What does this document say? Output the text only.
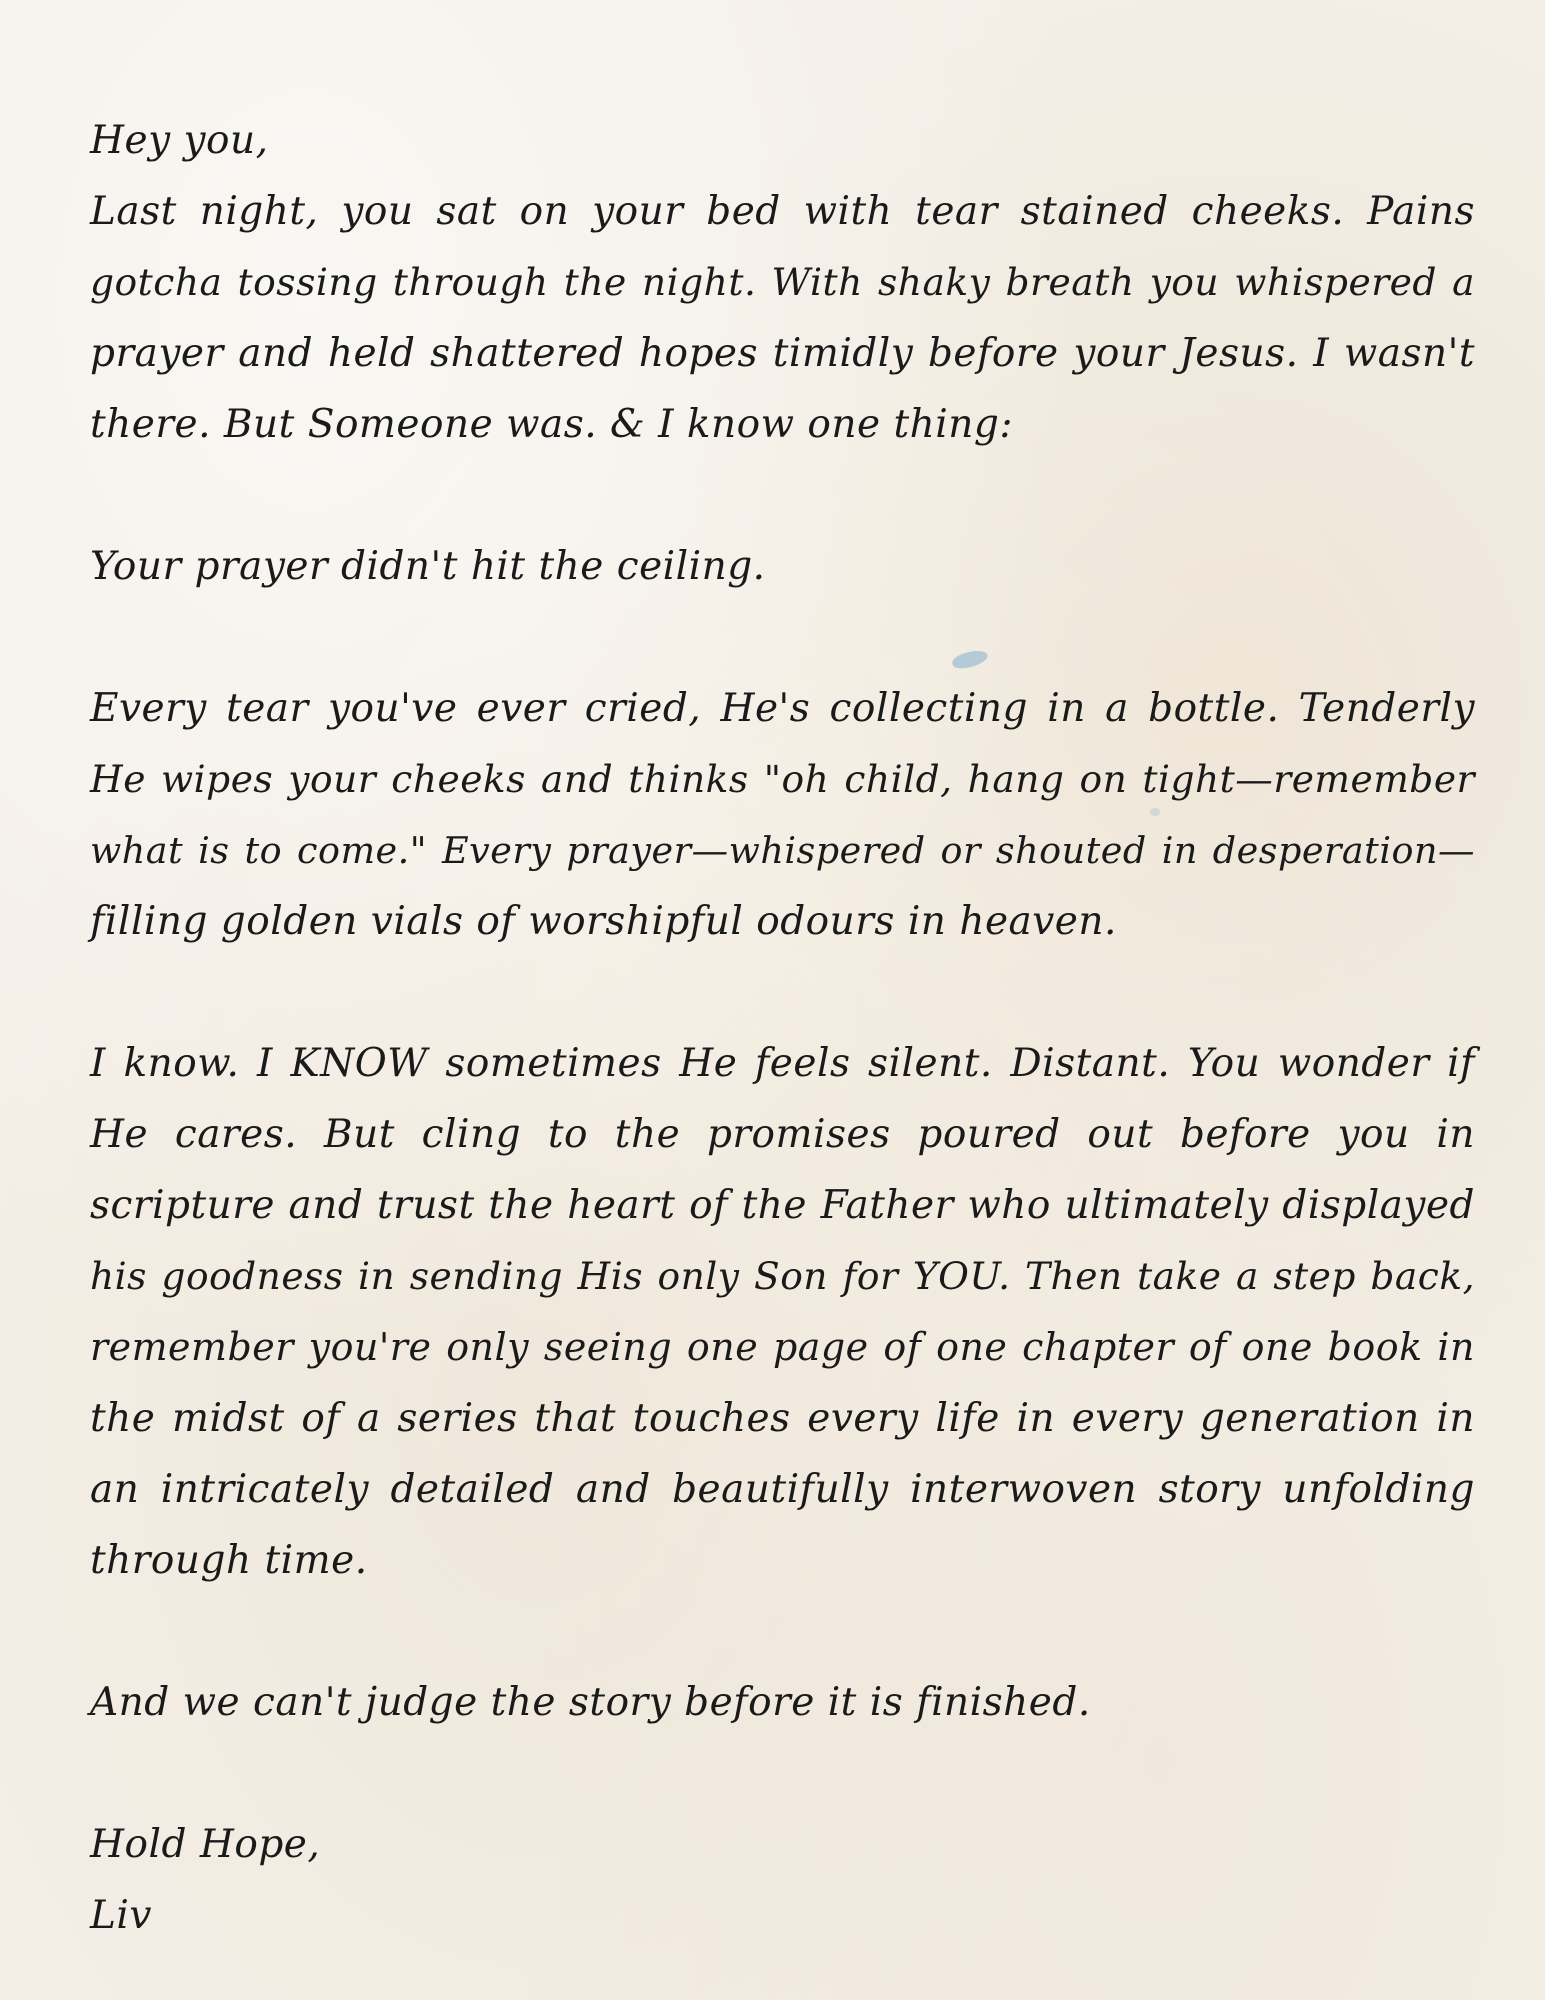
Hey you,
Last night, you sat on your bed with tear stained cheeks. Pains
gotcha tossing through the night. With shaky breath you whispered a
prayer and held shattered hopes timidly before your Jesus. I wasn't
there. But Someone was. & I know one thing:
Your prayer didn't hit the ceiling.
Every tear you've ever cried, He's collecting in a bottle. Tenderly
He wipes your cheeks and thinks "oh child, hang on tight—remember
what is to come." Every prayer—whispered or shouted in desperation—
filling golden vials of worshipful odours in heaven.
I know. I KNOW sometimes He feels silent. Distant. You wonder if
He cares. But cling to the promises poured out before you in
scripture and trust the heart of the Father who ultimately displayed
his goodness in sending His only Son for YOU. Then take a step back,
remember you're only seeing one page of one chapter of one book in
the midst of a series that touches every life in every generation in
an intricately detailed and beautifully interwoven story unfolding
through time.
And we can't judge the story before it is finished.
Hold Hope,
Liv
